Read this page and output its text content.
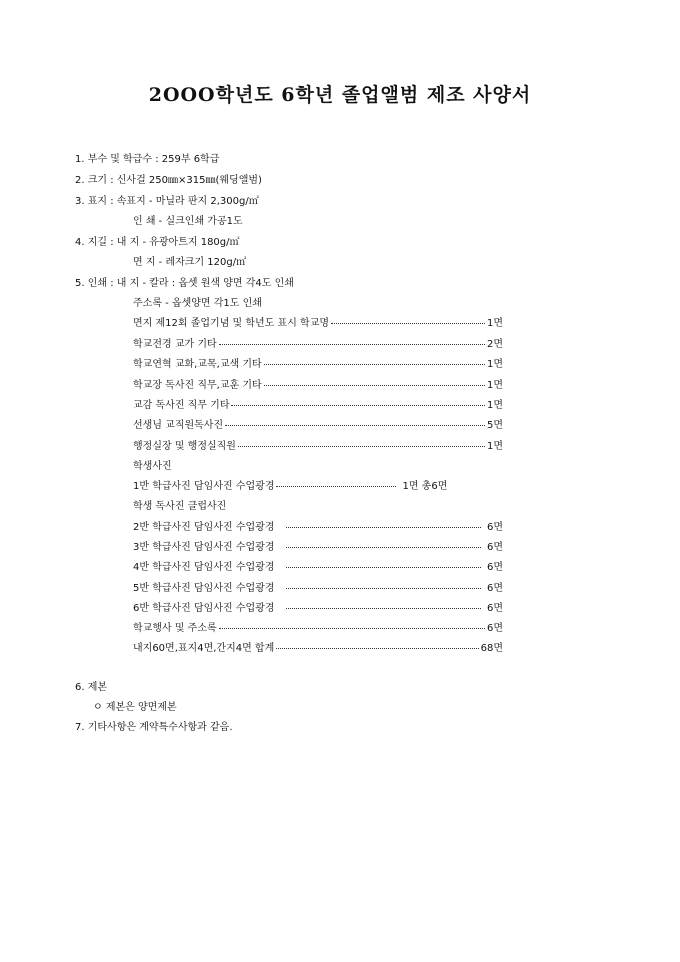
2OOO학년도 6학년 졸업앨범 제조 사양서
1. 부수 및 학급수 : 259부 6학급
2. 크기 : 신사걸 250㎜×315㎜(웨딩앨범)
3. 표지 : 속표지 - 마닐라 판지 2,300g/㎡
인 쇄 - 실크인쇄 가공1도
4. 지길 : 내 지 - 유광아트지 180g/㎡
면 지 - 레자크기 120g/㎡
5. 인쇄 : 내 지 - 칼라 : 옵셋 원색 양면 각4도 인쇄
주소록 - 옵셋양면 각1도 인쇄
면지 제12회 졸업기념 및 학년도 표시 학교명	1면
학교전경 교가 기타	2면
학교연혁 교화,교목,교색 기타	1면
학교장 독사진 직무,교훈 기타	1면
교감 독사진 직무 기타	1면
선생님 교직원독사진	5면
행정실장 및 행정실직원	1면
학생사진
1반 학급사진 담임사진 수업광경	1면 총6면
학생 독사진 클럽사진
2반 학급사진 담임사진 수업광경	6면
3반 학급사진 담임사진 수업광경	6면
4반 학급사진 담임사진 수업광경	6면
5반 학급사진 담임사진 수업광경	6면
6반 학급사진 담임사진 수업광경	6면
학교행사 및 주소록	6면
내지60면,표지4면,간지4면 합계	68면
6. 제본
ㅇ 제본은 양면제본
7. 기타사항은 계약특수사항과 같음.
